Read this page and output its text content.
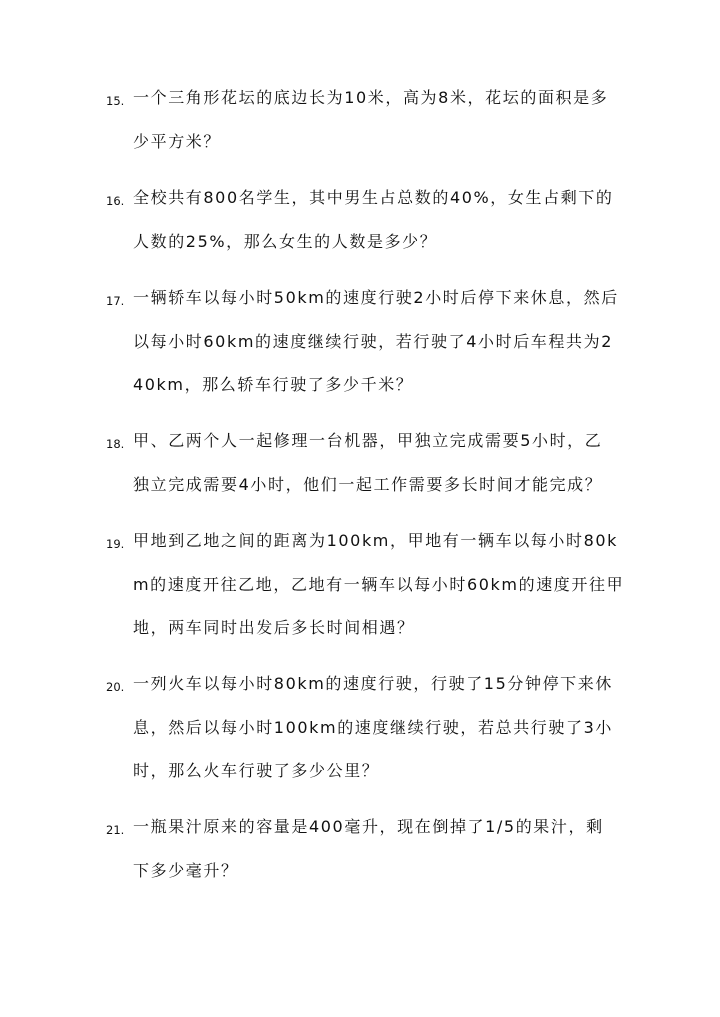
15. 一个三角形花坛的底边长为10米，高为8米，花坛的面积是多
少平方米？
16. 全校共有800名学生，其中男生占总数的40%，女生占剩下的
人数的25%，那么女生的人数是多少？
17. 一辆轿车以每小时50km的速度行驶2小时后停下来休息，然后
以每小时60km的速度继续行驶，若行驶了4小时后车程共为2
40km，那么轿车行驶了多少千米？
18. 甲、乙两个人一起修理一台机器，甲独立完成需要5小时，乙
独立完成需要4小时，他们一起工作需要多长时间才能完成？
19. 甲地到乙地之间的距离为100km，甲地有一辆车以每小时80k
m的速度开往乙地，乙地有一辆车以每小时60km的速度开往甲
地，两车同时出发后多长时间相遇？
20. 一列火车以每小时80km的速度行驶，行驶了15分钟停下来休
息，然后以每小时100km的速度继续行驶，若总共行驶了3小
时，那么火车行驶了多少公里？
21. 一瓶果汁原来的容量是400毫升，现在倒掉了1/5的果汁，剩
下多少毫升？
